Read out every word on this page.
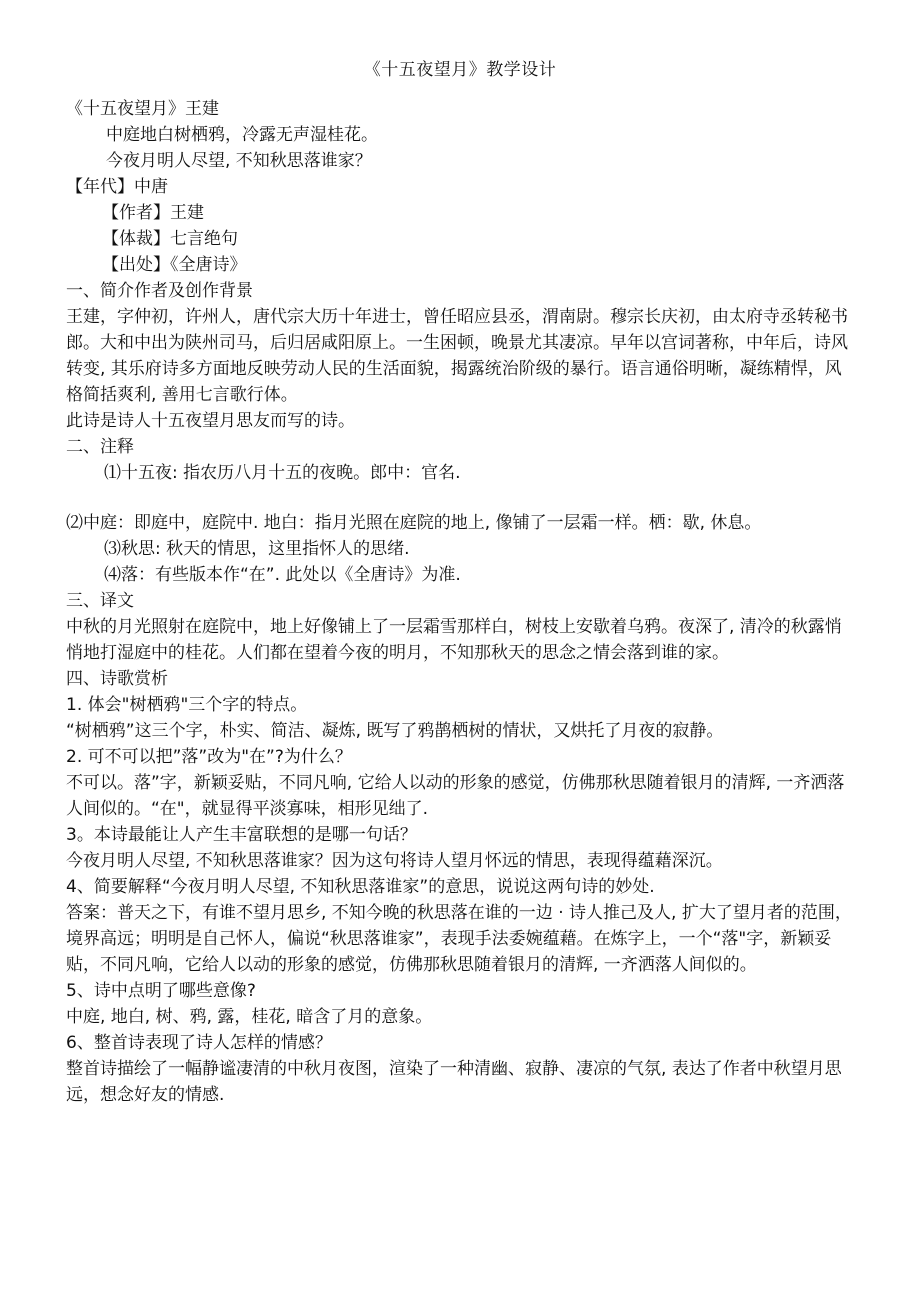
《十五夜望月》教学设计

《十五夜望月》王建

中庭地白树栖鸦，冷露无声湿桂花。

今夜月明人尽望, 不知秋思落谁家？

【年代】中唐

【作者】王建

【体裁】七言绝句

【出处】《全唐诗》

一、简介作者及创作背景

王建，字仲初，许州人，唐代宗大历十年进士，曾任昭应县丞，渭南尉。穆宗长庆初，由太府寺丞转秘书郎。大和中出为陕州司马，后归居咸阳原上。一生困顿，晚景尤其凄凉。早年以宫词著称，中年后，诗风转变, 其乐府诗多方面地反映劳动人民的生活面貌，揭露统治阶级的暴行。语言通俗明晰，凝练精悍，风格简括爽利, 善用七言歌行体。

此诗是诗人十五夜望月思友而写的诗。

二、注释

⑴十五夜: 指农历八月十五的夜晚。郎中：官名.

⑵中庭：即庭中，庭院中. 地白：指月光照在庭院的地上, 像铺了一层霜一样。栖：歇, 休息。

⑶秋思: 秋天的情思，这里指怀人的思绪.

⑷落：有些版本作“在”. 此处以《全唐诗》为准.

三、译文

中秋的月光照射在庭院中，地上好像铺上了一层霜雪那样白，树枝上安歇着乌鸦。夜深了, 清冷的秋露悄悄地打湿庭中的桂花。人们都在望着今夜的明月，不知那秋天的思念之情会落到谁的家。

四、诗歌赏析

1. 体会"树栖鸦"三个字的特点。

“树栖鸦”这三个字，朴实、简洁、凝炼, 既写了鸦鹊栖树的情状，又烘托了月夜的寂静。

2. 可不可以把”落”改为"在”?为什么？

不可以。落”字，新颖妥贴，不同凡响, 它给人以动的形象的感觉，仿佛那秋思随着银月的清辉, 一齐洒落人间似的。“在"，就显得平淡寡味，相形见绌了.

3。本诗最能让人产生丰富联想的是哪一句话？

今夜月明人尽望, 不知秋思落谁家？因为这句将诗人望月怀远的情思，表现得蕴藉深沉。

4、简要解释“今夜月明人尽望, 不知秋思落谁家”的意思，说说这两句诗的妙处.

答案：普天之下，有谁不望月思乡, 不知今晚的秋思落在谁的一边 · 诗人推己及人, 扩大了望月者的范围，境界高远；明明是自己怀人，偏说“秋思落谁家”，表现手法委婉蕴藉。在炼字上，一个“落"字，新颖妥贴，不同凡响，它给人以动的形象的感觉，仿佛那秋思随着银月的清辉, 一齐洒落人间似的。

5、诗中点明了哪些意像?

中庭, 地白, 树、鸦, 露，桂花, 暗含了月的意象。

6、整首诗表现了诗人怎样的情感？

整首诗描绘了一幅静谧凄清的中秋月夜图，渲染了一种清幽、寂静、凄凉的气氛, 表达了作者中秋望月思远，想念好友的情感.
